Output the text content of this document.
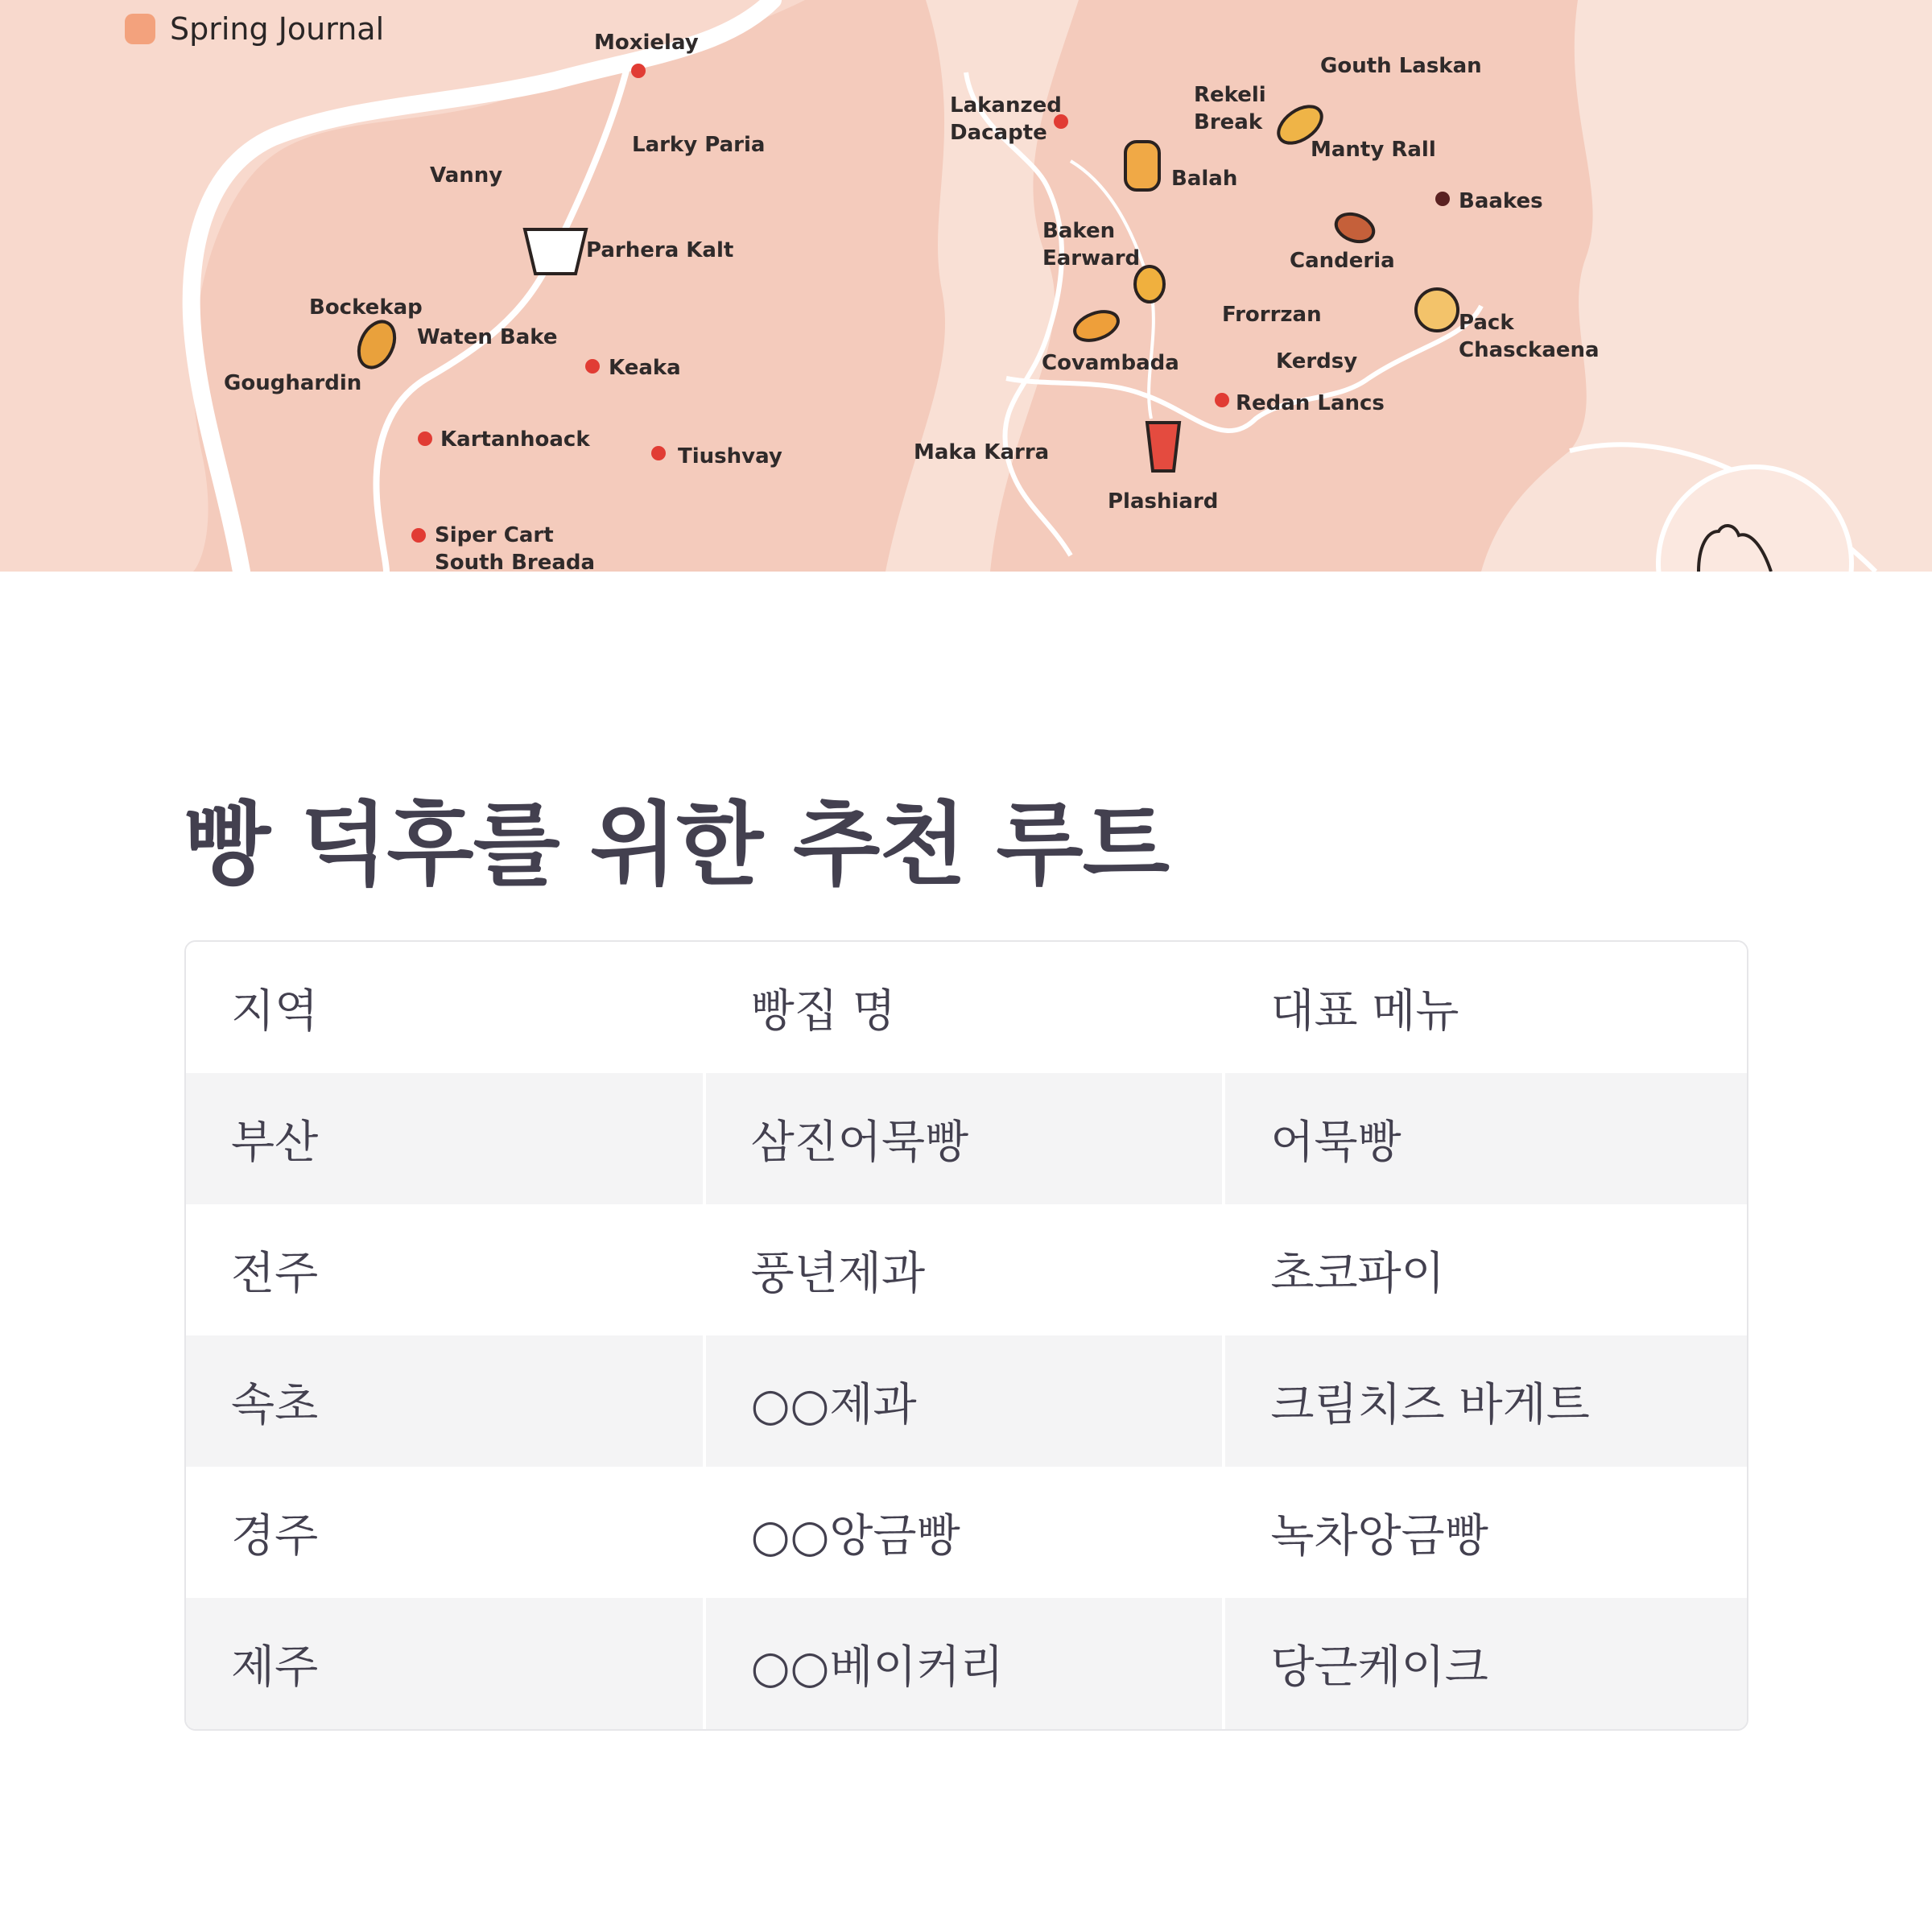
Spring Journal	Moxielay
Larky Paria
Vanny
Parhera Kalt
Bockekap
Waten Bake
Goughardin
Keaka
Kartanhoack
Tiushvay
Siper Cart
South Breada
Lakanzed
Dacapte
Rekeli
Break
Gouth Laskan
Manty Rall
Balah
Baakes
Baken
Earward	Canderia
Frorrzan	Pack
Chasckaena
Covambada	Kerdsy
Redan Lancs
Maka Karra
Plashiard
빵 덕후를 위한 추천 루트
지역	빵집 명	대표 메뉴
부산	삼진어묵빵	어묵빵
전주	풍년제과	초코파이
속초	○○제과	크림치즈 바게트
경주	○○앙금빵	녹차앙금빵
제주	○○베이커리	당근케이크
